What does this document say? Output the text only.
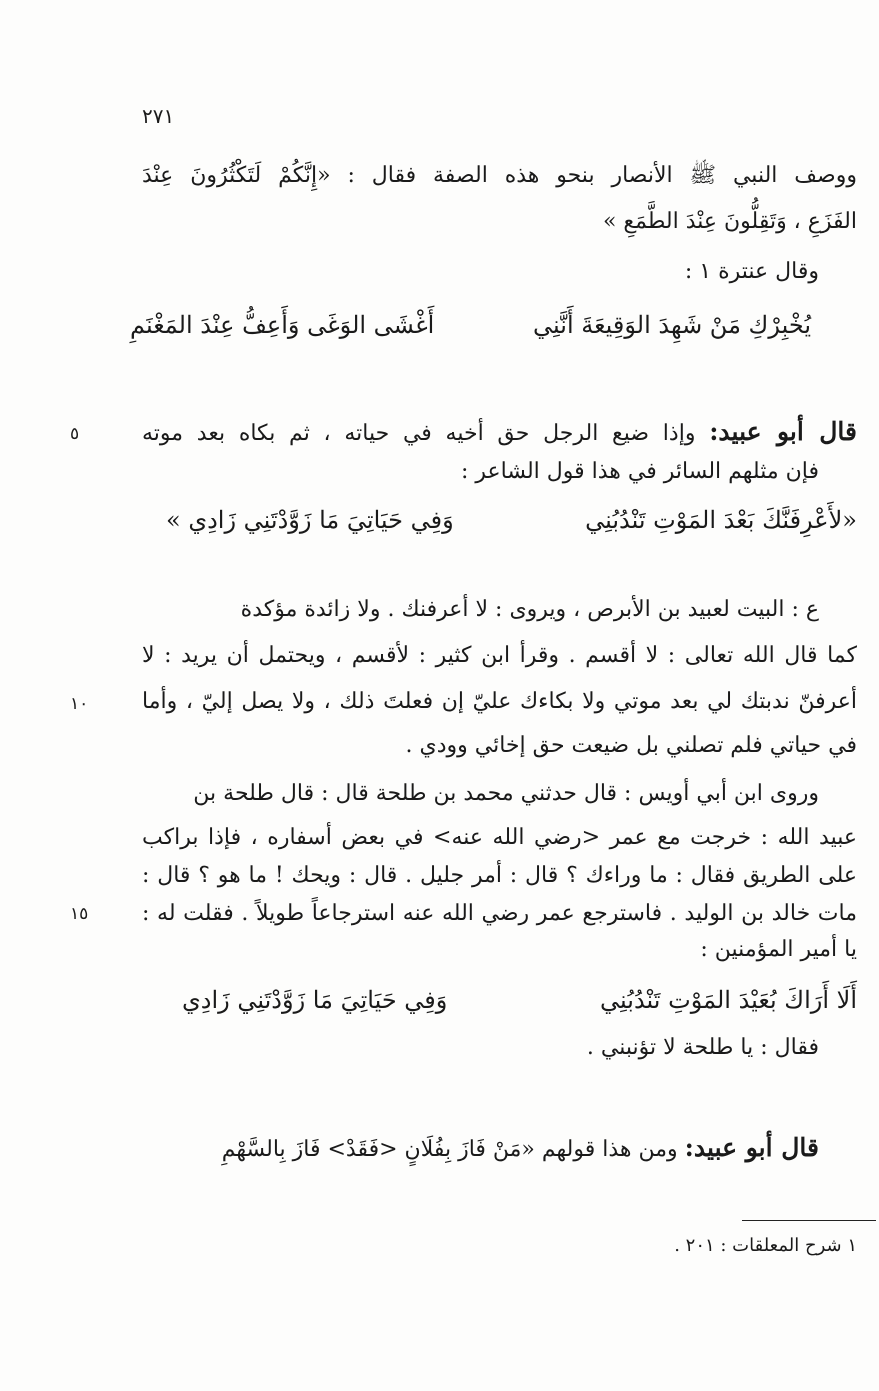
٢٧١
ووصف النبي ﷺ الأنصار بنحو هذه الصفة فقال : «إِنَّكُمْ لَتَكْثُرُونَ عِنْدَ
الفَزَعِ ، وَتَقِلُّونَ عِنْدَ الطَّمَعِ »
وقال عنترة ١ :
يُخْبِرْكِ مَنْ شَهِدَ الوَقِيعَةَ أَنَّنِي
أَغْشَى الوَغَى وَأَعِفُّ عِنْدَ المَغْنَمِ
قال أبو عبيد: وإذا ضيع الرجل حق أخيه في حياته ، ثم بكاه بعد موته
٥
فإن مثلهم السائر في هذا قول الشاعر :
«لأَعْرِفَنَّكَ بَعْدَ المَوْتِ تَنْدُبُنِي
وَفِي حَيَاتِيَ مَا زَوَّدْتَنِي زَادِي »
ع : البيت لعبيد بن الأبرص ، ويروى : لا أعرفنك . ولا زائدة مؤكدة
كما قال الله تعالى : لا أقسم . وقرأ ابن كثير : لأقسم ، ويحتمل أن يريد : لا
أعرفنّ ندبتك لي بعد موتي ولا بكاءك عليّ إن فعلتَ ذلك ، ولا يصل إليّ ، وأما
١٠
في حياتي فلم تصلني بل ضيعت حق إخائي وودي .
وروى ابن أبي أويس : قال حدثني محمد بن طلحة قال : قال طلحة بن
عبيد الله : خرجت مع عمر <رضي الله عنه> في بعض أسفاره ، فإذا براكب
على الطريق فقال : ما وراءك ؟ قال : أمر جليل . قال : ويحك ! ما هو ؟ قال :
مات خالد بن الوليد . فاسترجع عمر رضي الله عنه استرجاعاً طويلاً . فقلت له :
١٥
يا أمير المؤمنين :
أَلَا أَرَاكَ بُعَيْدَ المَوْتِ تَنْدُبُنِي
وَفِي حَيَاتِيَ مَا زَوَّدْتَنِي زَادِي
فقال : يا طلحة لا تؤنبني .
قال أبو عبيد: ومن هذا قولهم «مَنْ فَازَ بِفُلَانٍ <فَقَدْ> فَازَ بِالسَّهْمِ
١ شرح المعلقات : ٢٠١ .
